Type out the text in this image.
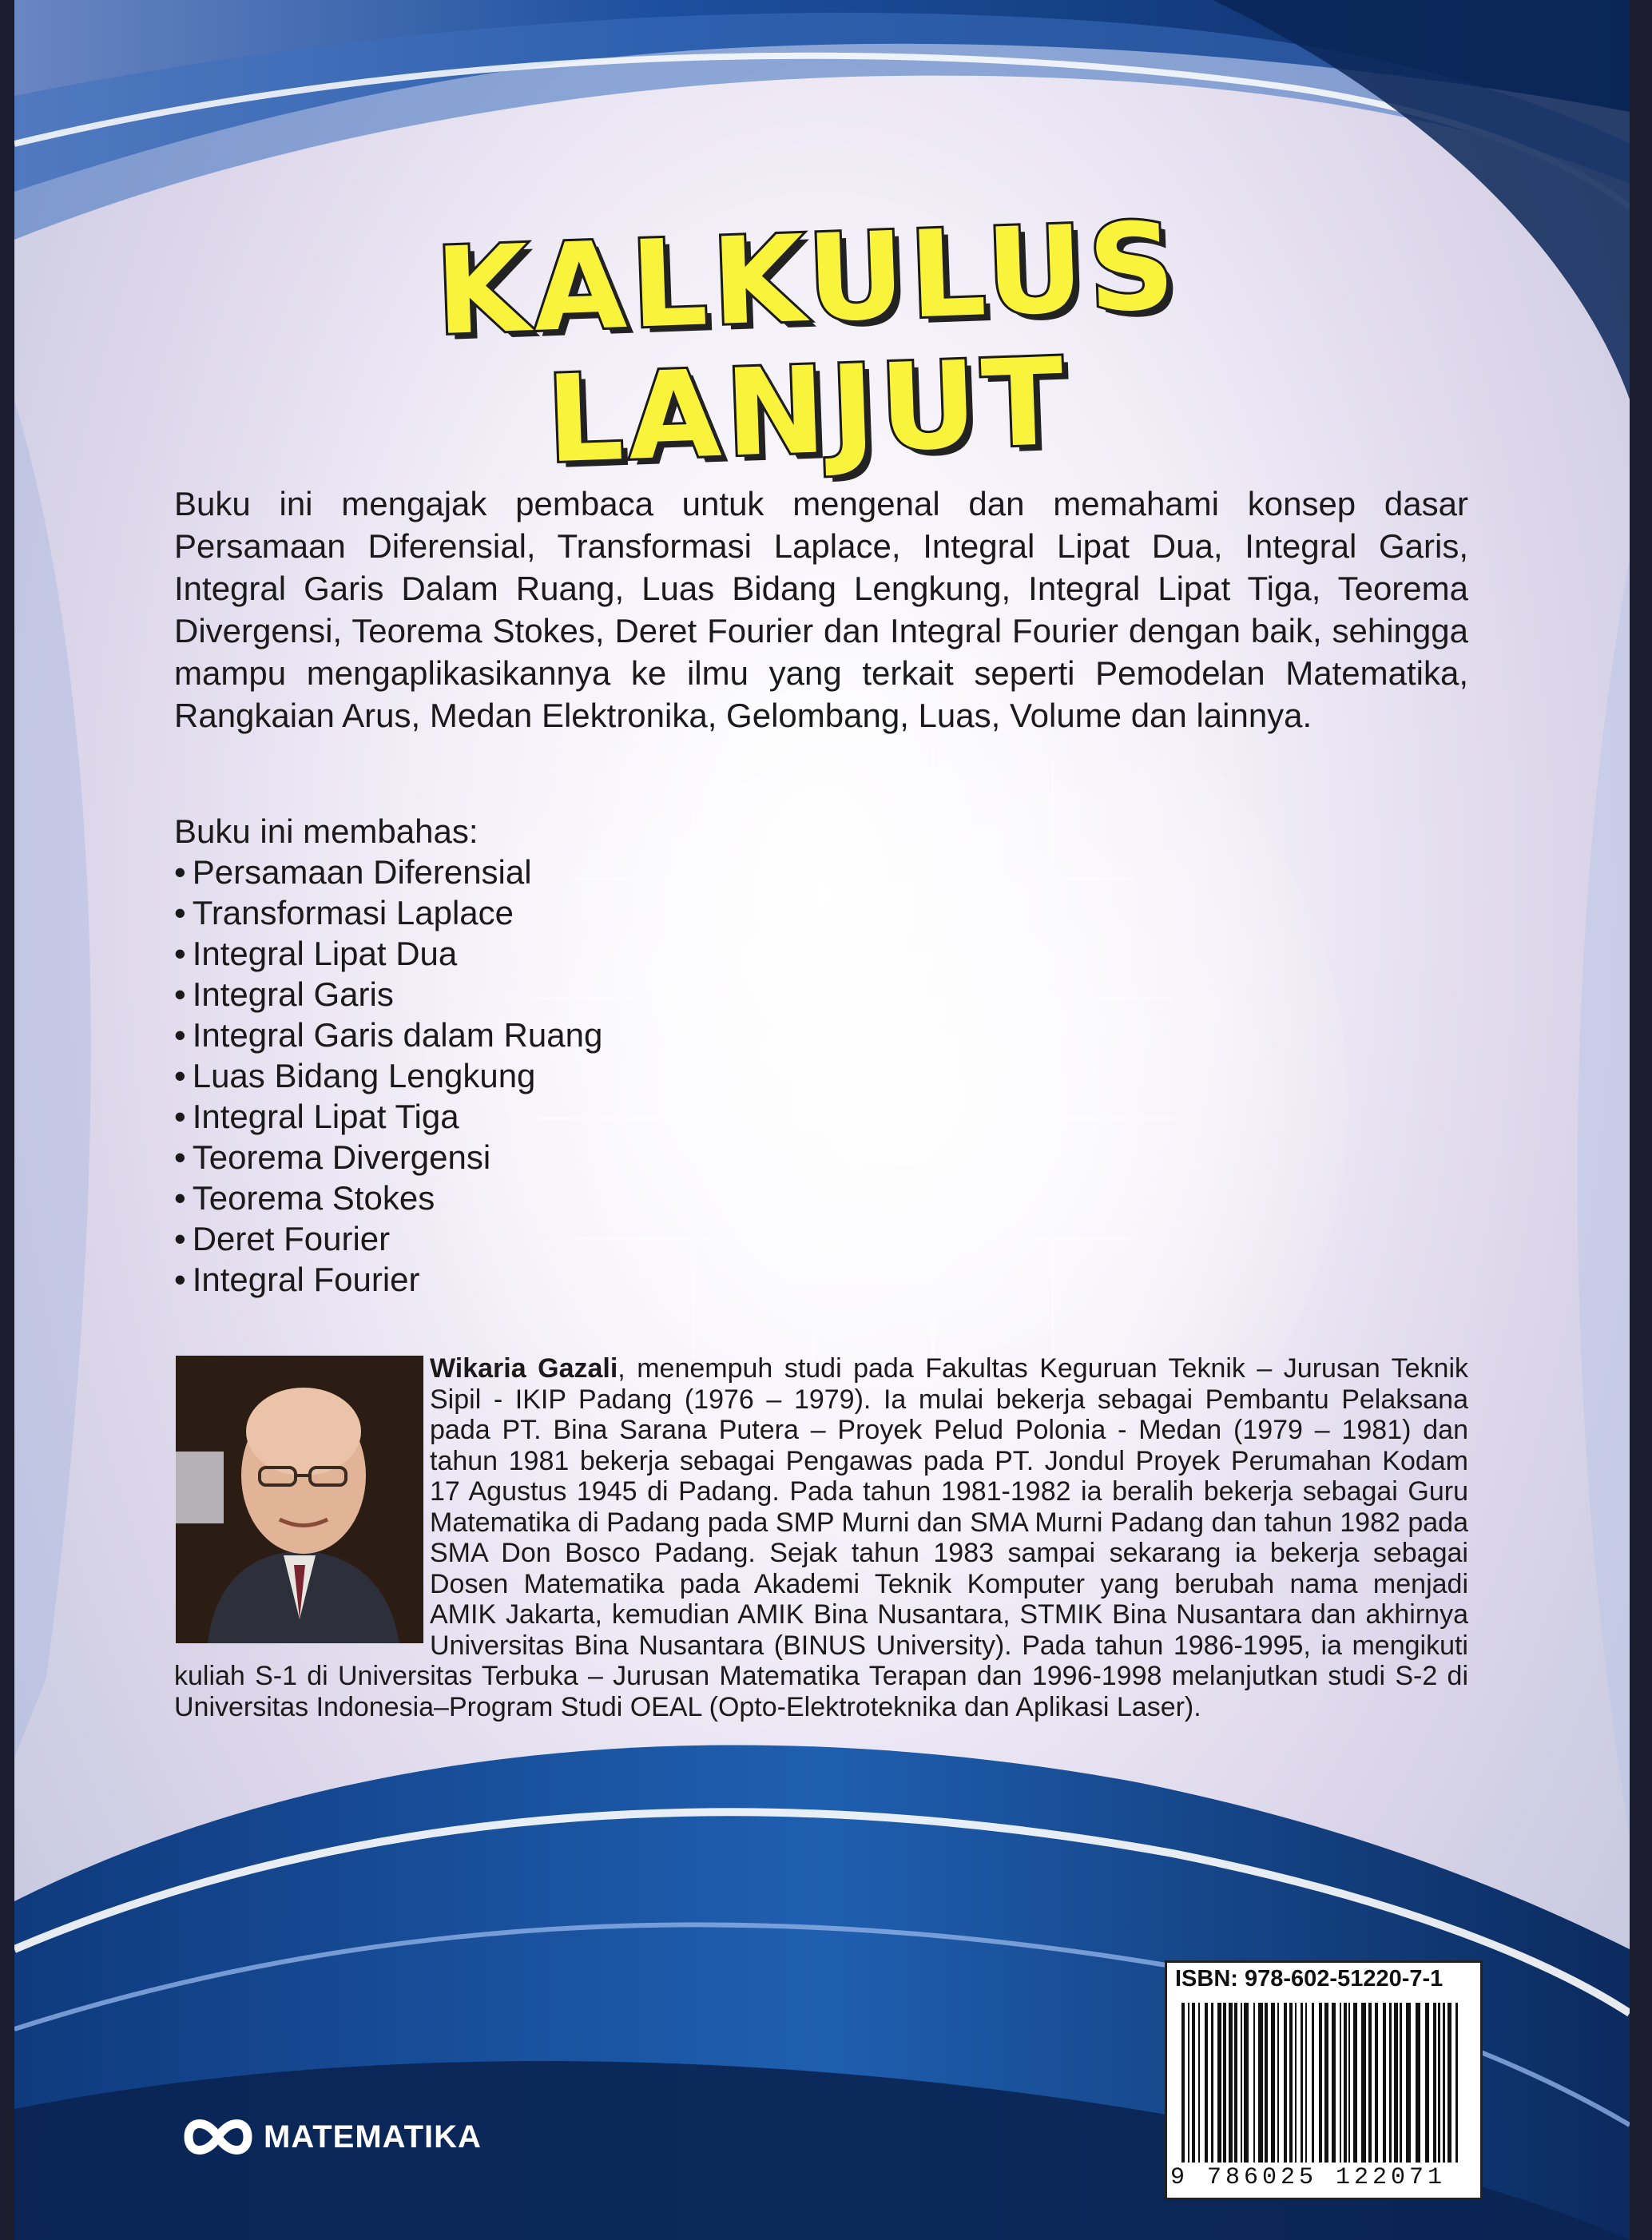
KALKULUS
LANJUT

Buku ini mengajak pembaca untuk mengenal dan memahami konsep dasar Persamaan Diferensial, Transformasi Laplace, Integral Lipat Dua, Integral Garis, Integral Garis Dalam Ruang, Luas Bidang Lengkung, Integral Lipat Tiga, Teorema Divergensi, Teorema Stokes, Deret Fourier dan Integral Fourier dengan baik, sehingga mampu mengaplikasikannya ke ilmu yang terkait seperti Pemodelan Matematika, Rangkaian Arus, Medan Elektronika, Gelombang, Luas, Volume dan lainnya.

Buku ini membahas:
• Persamaan Diferensial
• Transformasi Laplace
• Integral Lipat Dua
• Integral Garis
• Integral Garis dalam Ruang
• Luas Bidang Lengkung
• Integral Lipat Tiga
• Teorema Divergensi
• Teorema Stokes
• Deret Fourier
• Integral Fourier

Wikaria Gazali, menempuh studi pada Fakultas Keguruan Teknik – Jurusan Teknik Sipil - IKIP Padang (1976 – 1979). Ia mulai bekerja sebagai Pembantu Pelaksana pada PT. Bina Sarana Putera – Proyek Pelud Polonia - Medan (1979 – 1981) dan tahun 1981 bekerja sebagai Pengawas pada PT. Jondul Proyek Perumahan Kodam 17 Agustus 1945 di Padang. Pada tahun 1981-1982 ia beralih bekerja sebagai Guru Matematika di Padang pada SMP Murni dan SMA Murni Padang dan tahun 1982 pada SMA Don Bosco Padang. Sejak tahun 1983 sampai sekarang ia bekerja sebagai Dosen Matematika pada Akademi Teknik Komputer yang berubah nama menjadi AMIK Jakarta, kemudian AMIK Bina Nusantara, STMIK Bina Nusantara dan akhirnya Universitas Bina Nusantara (BINUS University). Pada tahun 1986-1995, ia mengikuti kuliah S-1 di Universitas Terbuka – Jurusan Matematika Terapan dan 1996-1998 melanjutkan studi S-2 di Universitas Indonesia–Program Studi OEAL (Opto-Elektroteknika dan Aplikasi Laser).

ISBN: 978-602-51220-7-1
9 786025 122071
MATEMATIKA
